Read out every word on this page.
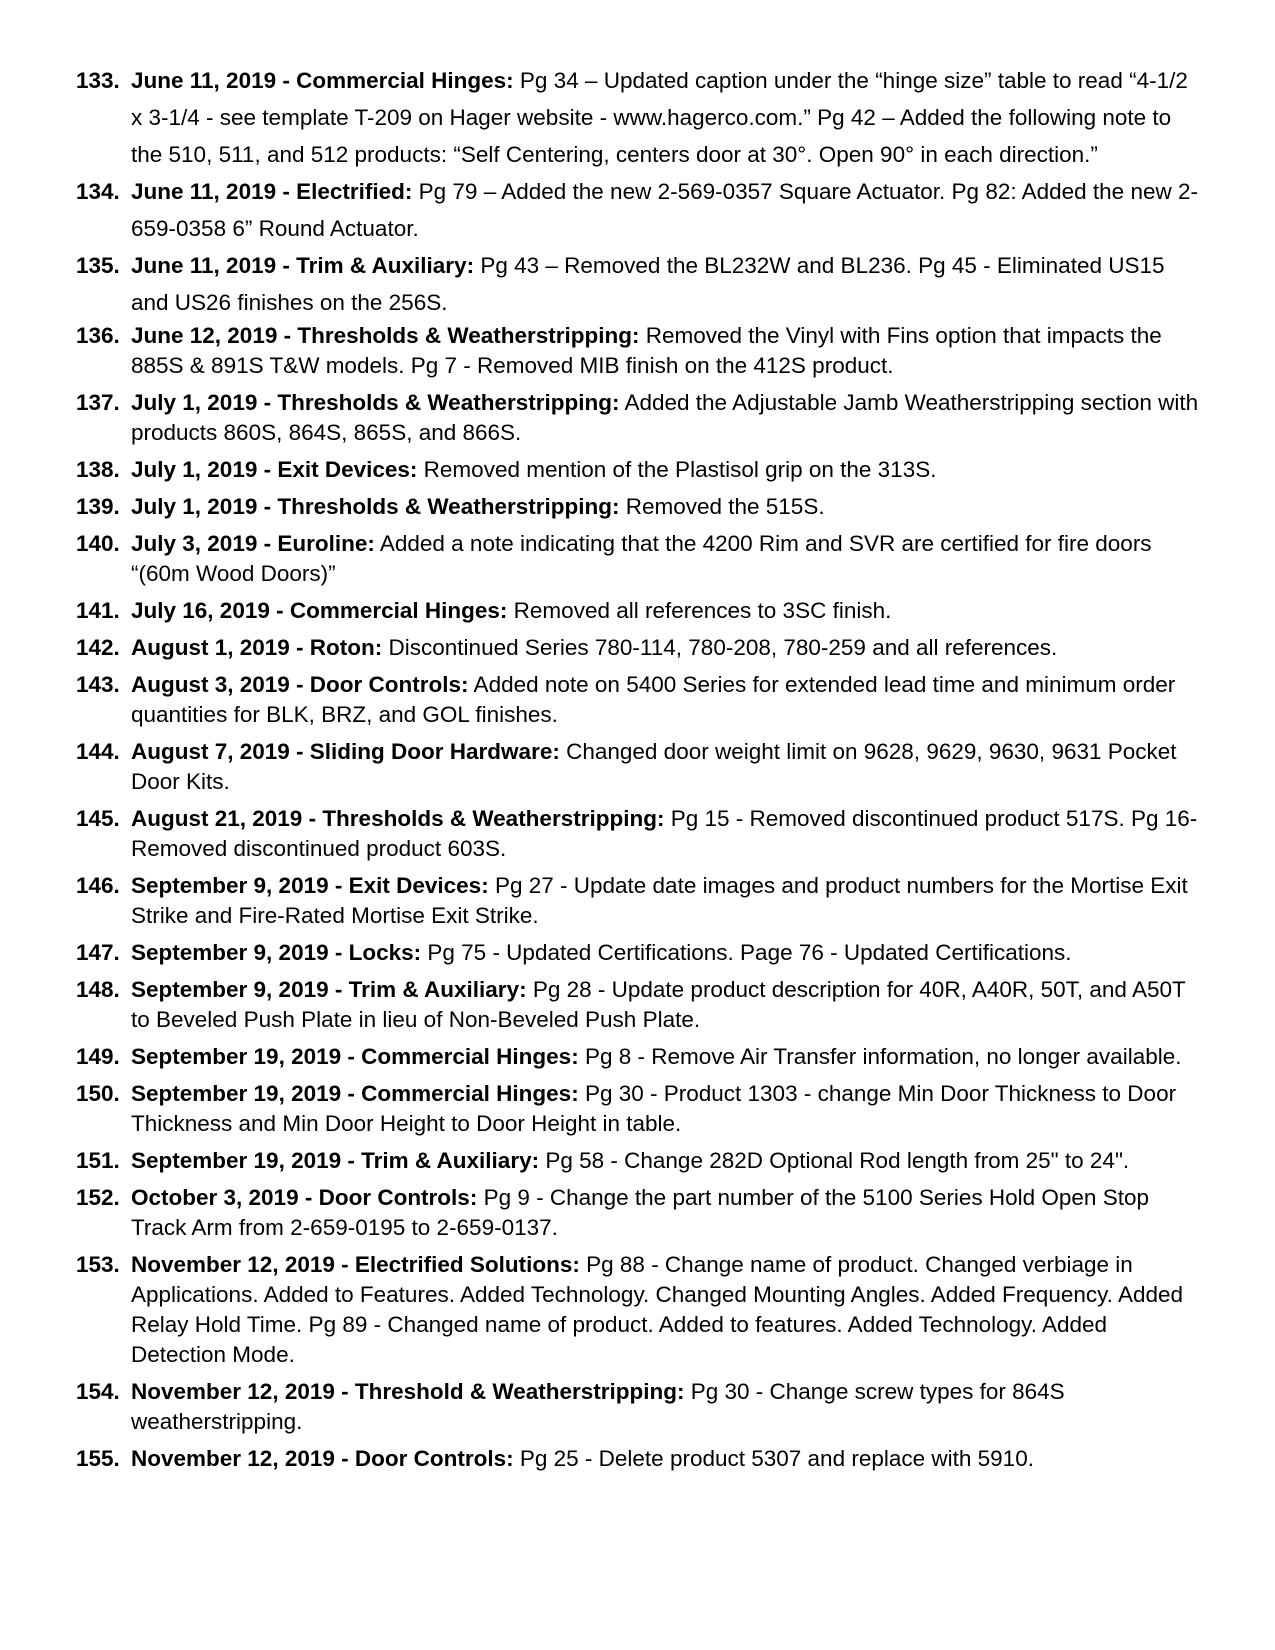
133. June 11, 2019 - Commercial Hinges: Pg 34 – Updated caption under the “hinge size” table to read “4-1/2 x 3-1/4 - see template T-209 on Hager website - www.hagerco.com.” Pg 42 – Added the following note to the 510, 511, and 512 products: “Self Centering, centers door at 30°. Open 90° in each direction.”
134. June 11, 2019 - Electrified: Pg 79 – Added the new 2-569-0357 Square Actuator. Pg 82: Added the new 2-659-0358 6” Round Actuator.
135. June 11, 2019 - Trim & Auxiliary: Pg 43 – Removed the BL232W and BL236. Pg 45 - Eliminated US15 and US26 finishes on the 256S.
136. June 12, 2019 - Thresholds & Weatherstripping: Removed the Vinyl with Fins option that impacts the 885S & 891S T&W models. Pg 7 - Removed MIB finish on the 412S product.
137. July 1, 2019 - Thresholds & Weatherstripping: Added the Adjustable Jamb Weatherstripping section with products 860S, 864S, 865S, and 866S.
138. July 1, 2019 - Exit Devices: Removed mention of the Plastisol grip on the 313S.
139. July 1, 2019 - Thresholds & Weatherstripping: Removed the 515S.
140. July 3, 2019 - Euroline: Added a note indicating that the 4200 Rim and SVR are certified for fire doors “(60m Wood Doors)”
141. July 16, 2019 - Commercial Hinges: Removed all references to 3SC finish.
142. August 1, 2019 - Roton: Discontinued Series 780-114, 780-208, 780-259 and all references.
143. August 3, 2019 - Door Controls: Added note on 5400 Series for extended lead time and minimum order quantities for BLK, BRZ, and GOL finishes.
144. August 7, 2019 - Sliding Door Hardware: Changed door weight limit on 9628, 9629, 9630, 9631 Pocket Door Kits.
145. August 21, 2019 - Thresholds & Weatherstripping: Pg 15 - Removed discontinued product 517S. Pg 16- Removed discontinued product 603S.
146. September 9, 2019 - Exit Devices: Pg 27 - Update date images and product numbers for the Mortise Exit Strike and Fire-Rated Mortise Exit Strike.
147. September 9, 2019 - Locks: Pg 75 - Updated Certifications. Page 76 - Updated Certifications.
148. September 9, 2019 - Trim & Auxiliary: Pg 28 - Update product description for 40R, A40R, 50T, and A50T to Beveled Push Plate in lieu of Non-Beveled Push Plate.
149. September 19, 2019 - Commercial Hinges: Pg 8 - Remove Air Transfer information, no longer available.
150. September 19, 2019 - Commercial Hinges: Pg 30 - Product 1303 - change Min Door Thickness to Door Thickness and Min Door Height to Door Height in table.
151. September 19, 2019 - Trim & Auxiliary: Pg 58 - Change 282D Optional Rod length from 25" to 24".
152. October 3, 2019 - Door Controls: Pg 9 - Change the part number of the 5100 Series Hold Open Stop Track Arm from 2-659-0195 to 2-659-0137.
153. November 12, 2019 - Electrified Solutions: Pg 88 - Change name of product. Changed verbiage in Applications. Added to Features. Added Technology. Changed Mounting Angles. Added Frequency. Added Relay Hold Time. Pg 89 - Changed name of product. Added to features. Added Technology. Added Detection Mode.
154. November 12, 2019 - Threshold & Weatherstripping: Pg 30 - Change screw types for 864S weatherstripping.
155. November 12, 2019 - Door Controls: Pg 25 - Delete product 5307 and replace with 5910.
